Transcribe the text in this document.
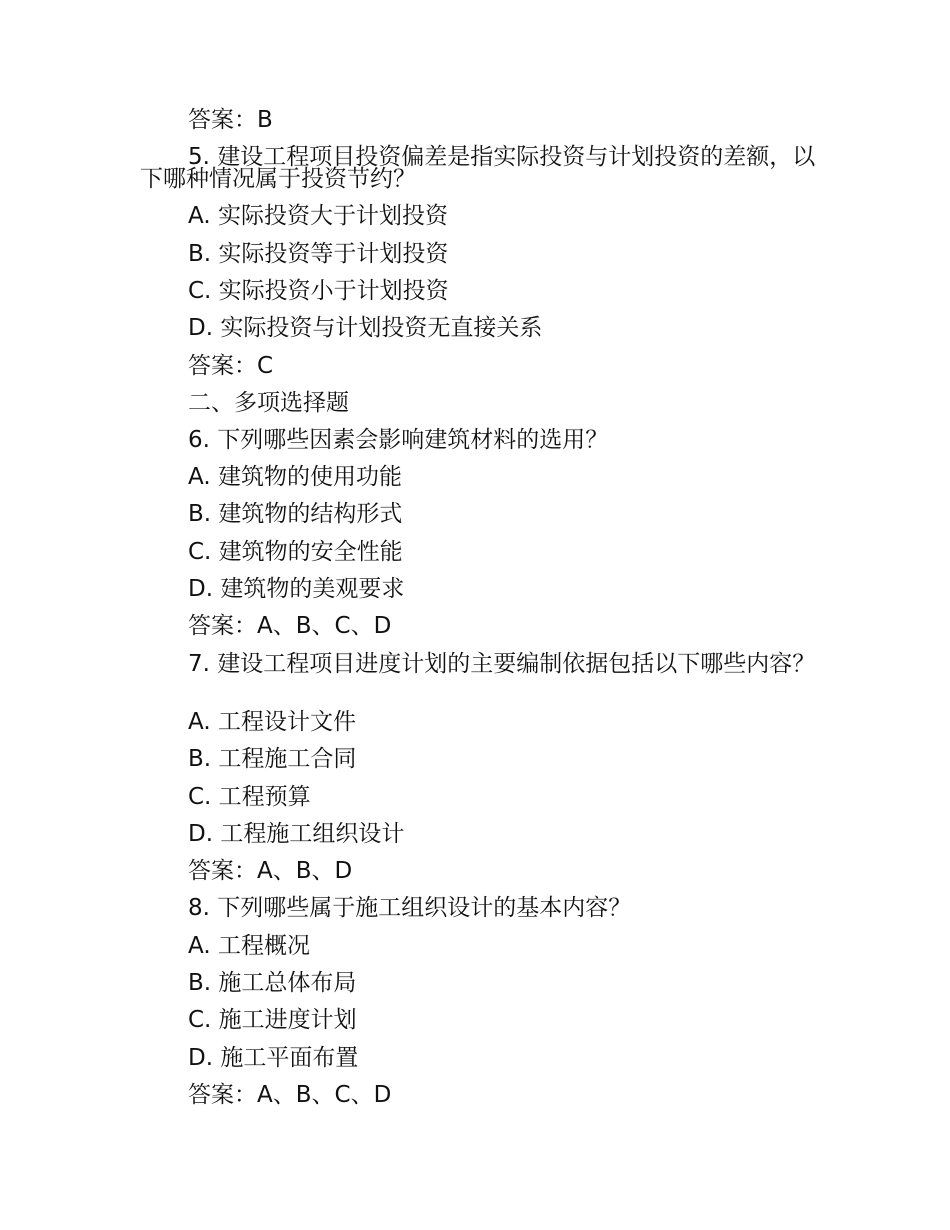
答案：B
5. 建设工程项目投资偏差是指实际投资与计划投资的差额，以下哪种情况属于投资节约？
A. 实际投资大于计划投资
B. 实际投资等于计划投资
C. 实际投资小于计划投资
D. 实际投资与计划投资无直接关系
答案：C
二、多项选择题
6. 下列哪些因素会影响建筑材料的选用？
A. 建筑物的使用功能
B. 建筑物的结构形式
C. 建筑物的安全性能
D. 建筑物的美观要求
答案：A、B、C、D
7. 建设工程项目进度计划的主要编制依据包括以下哪些内容？
A. 工程设计文件
B. 工程施工合同
C. 工程预算
D. 工程施工组织设计
答案：A、B、D
8. 下列哪些属于施工组织设计的基本内容？
A. 工程概况
B. 施工总体布局
C. 施工进度计划
D. 施工平面布置
答案：A、B、C、D
